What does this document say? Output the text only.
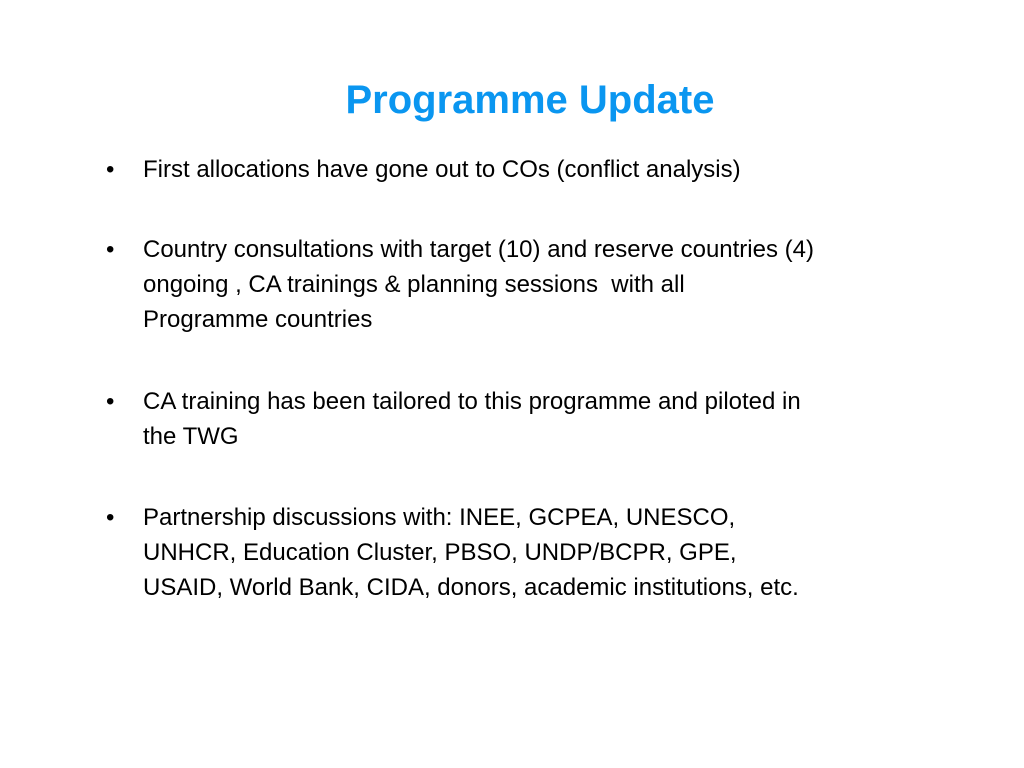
Programme Update
•	First allocations have gone out to COs (conflict analysis)
•	Country consultations with target (10) and reserve countries (4)
ongoing , CA trainings & planning sessions  with all
Programme countries
•	CA training has been tailored to this programme and piloted in
the TWG
•	Partnership discussions with: INEE, GCPEA, UNESCO,
UNHCR, Education Cluster, PBSO, UNDP/BCPR, GPE,
USAID, World Bank, CIDA, donors, academic institutions, etc.
